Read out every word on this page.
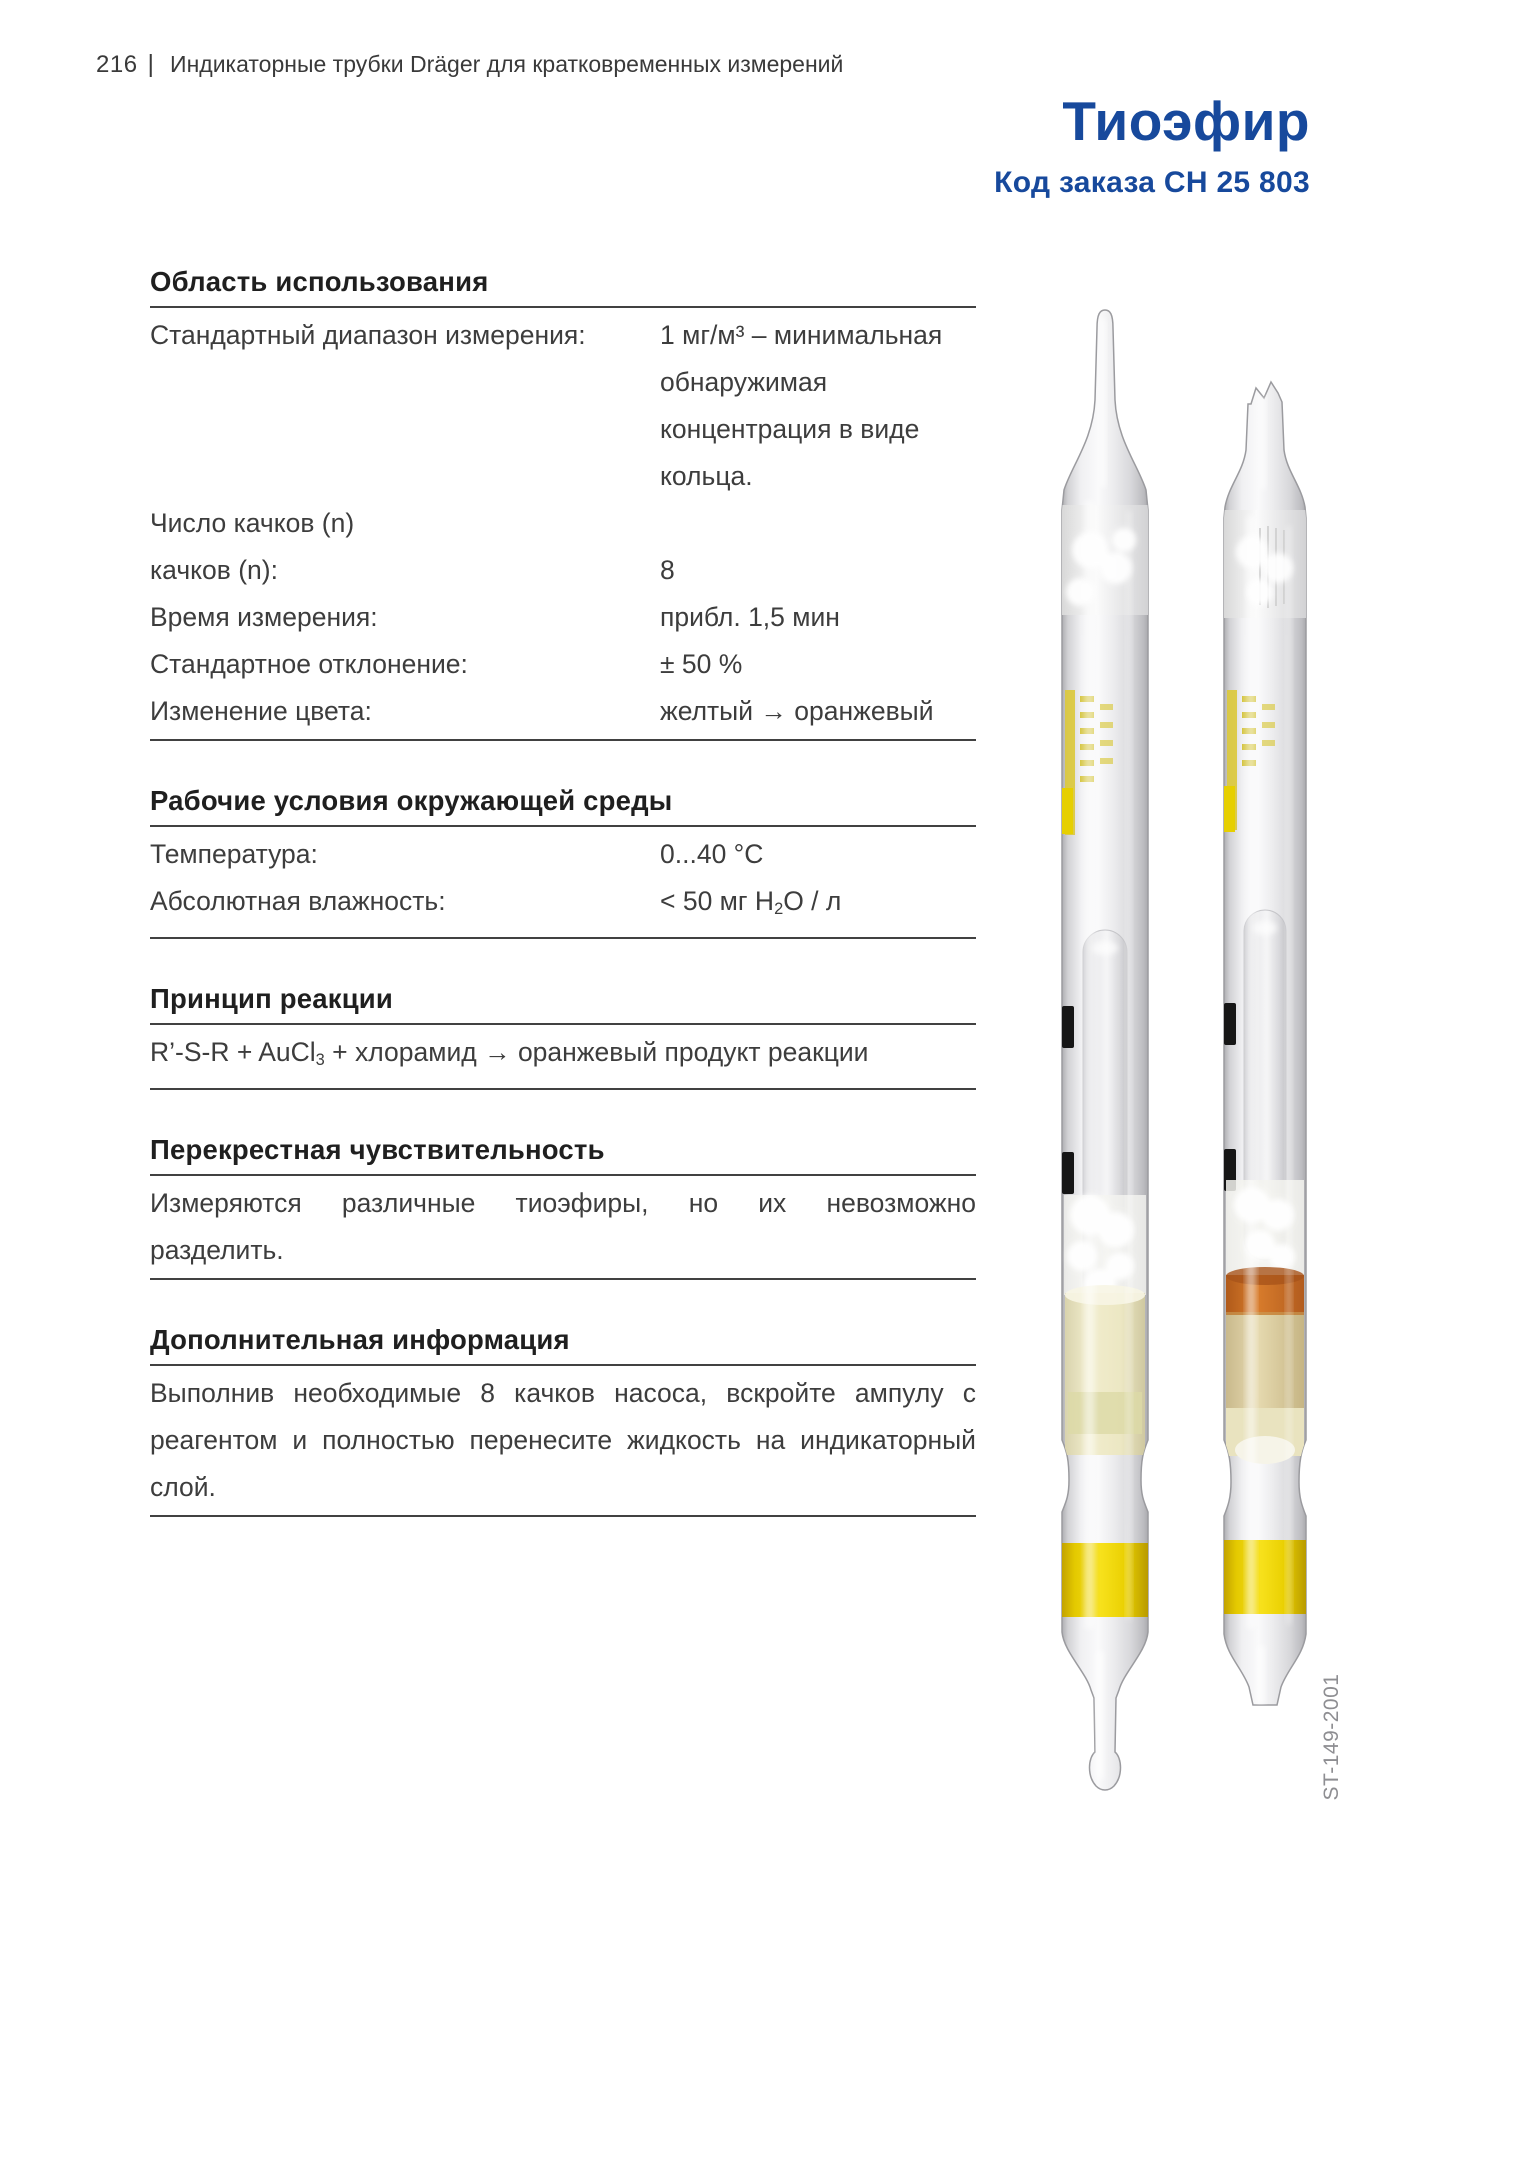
216 | Индикаторные трубки Dräger для кратковременных измерений
Тиоэфир
Код заказа CH 25 803
Область использования
Стандартный диапазон измерения:	1 мг/м³ – минимальная
обнаружимая
концентрация в виде
кольца.
Число качков (n)
качков (n):	8
Время измерения:	прибл. 1,5 мин
Стандартное отклонение:	± 50 %
Изменение цвета:	желтый → оранжевый
Рабочие условия окружающей среды
Температура:	0...40 °C
Абсолютная влажность:	< 50 мг $H_2O$ / л
Принцип реакции
R’-S-R + AuCl$_3$ + хлорамид → оранжевый продукт реакции
Перекрестная чувствительность
Измеряются различные тиоэфиры, но их невозможно
разделить.
Дополнительная информация
Выполнив необходимые 8 качков насоса, вскройте ампулу с
реагентом и полностью перенесите жидкость на индикаторный
слой.
ST-149-2001
